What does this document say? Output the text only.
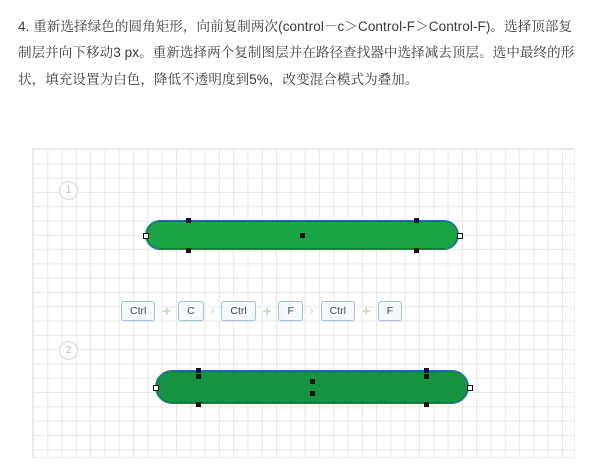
4. 重新选择绿色的圆角矩形，向前复制两次(control－c＞Control-F＞Control-F)。选择顶部复制层并向下移动3 px。重新选择两个复制图层并在路径查找器中选择减去顶层。选中最终的形状，填充设置为白色，降低不透明度到5%，改变混合模式为叠加。
1
2
Ctrl	+	C	›	Ctrl	+	F	›	Ctrl	+	F
